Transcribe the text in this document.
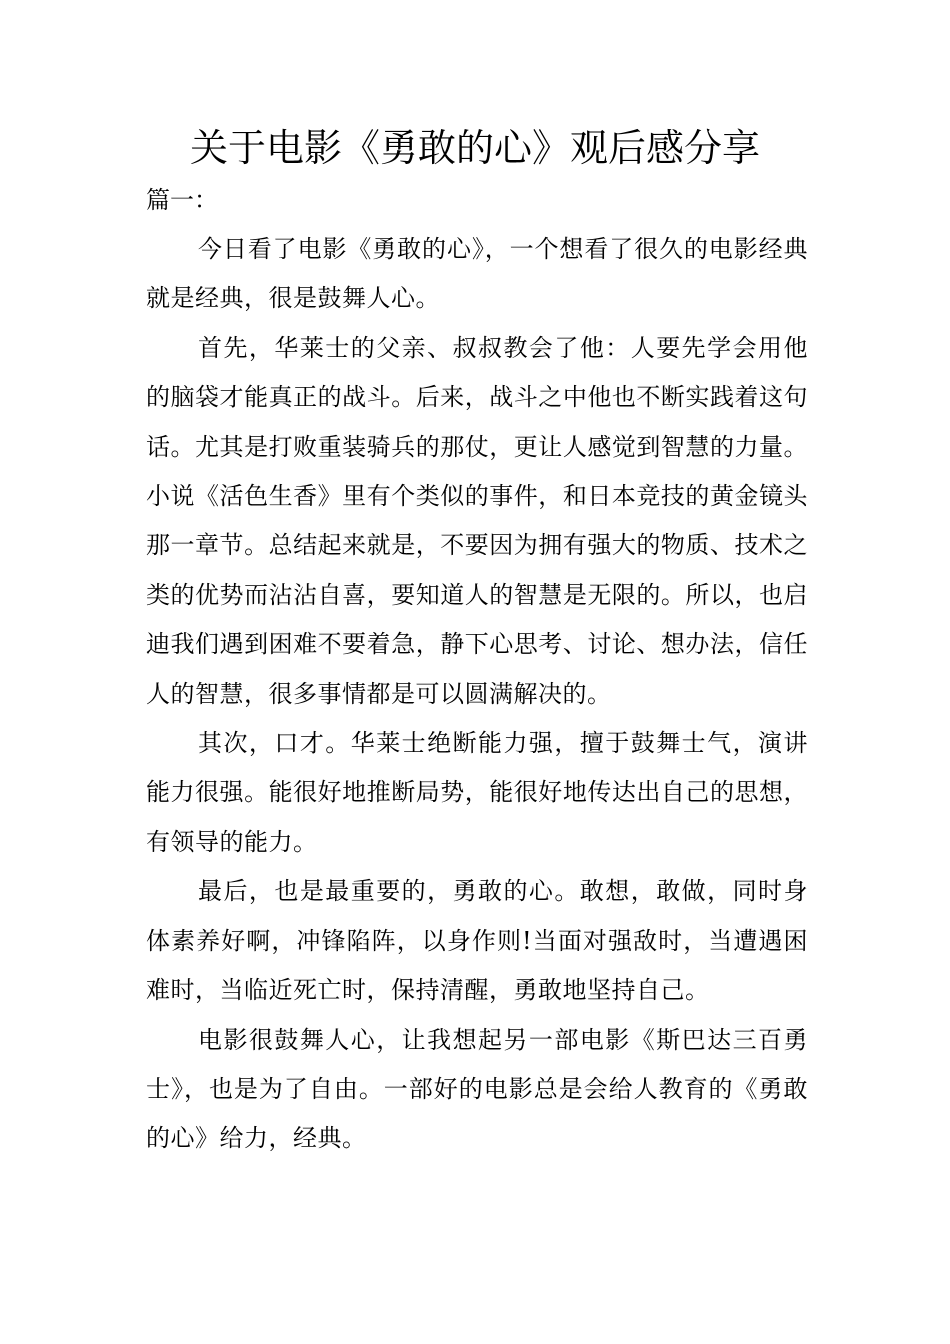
关于电影《勇敢的心》观后感分享
篇一：

今日看了电影《勇敢的心》，一个想看了很久的电影经典就是经典，很是鼓舞人心。

首先，华莱士的父亲、叔叔教会了他：人要先学会用他的脑袋才能真正的战斗。后来，战斗之中他也不断实践着这句话。尤其是打败重装骑兵的那仗，更让人感觉到智慧的力量。小说《活色生香》里有个类似的事件，和日本竞技的黄金镜头那一章节。总结起来就是，不要因为拥有强大的物质、技术之类的优势而沾沾自喜，要知道人的智慧是无限的。所以，也启迪我们遇到困难不要着急，静下心思考、讨论、想办法，信任人的智慧，很多事情都是可以圆满解决的。

其次，口才。华莱士绝断能力强，擅于鼓舞士气，演讲能力很强。能很好地推断局势，能很好地传达出自己的思想，有领导的能力。

最后，也是最重要的，勇敢的心。敢想，敢做，同时身体素养好啊，冲锋陷阵，以身作则!当面对强敌时，当遭遇困难时，当临近死亡时，保持清醒，勇敢地坚持自己。

电影很鼓舞人心，让我想起另一部电影《斯巴达三百勇士》，也是为了自由。一部好的电影总是会给人教育的《勇敢的心》给力，经典。
